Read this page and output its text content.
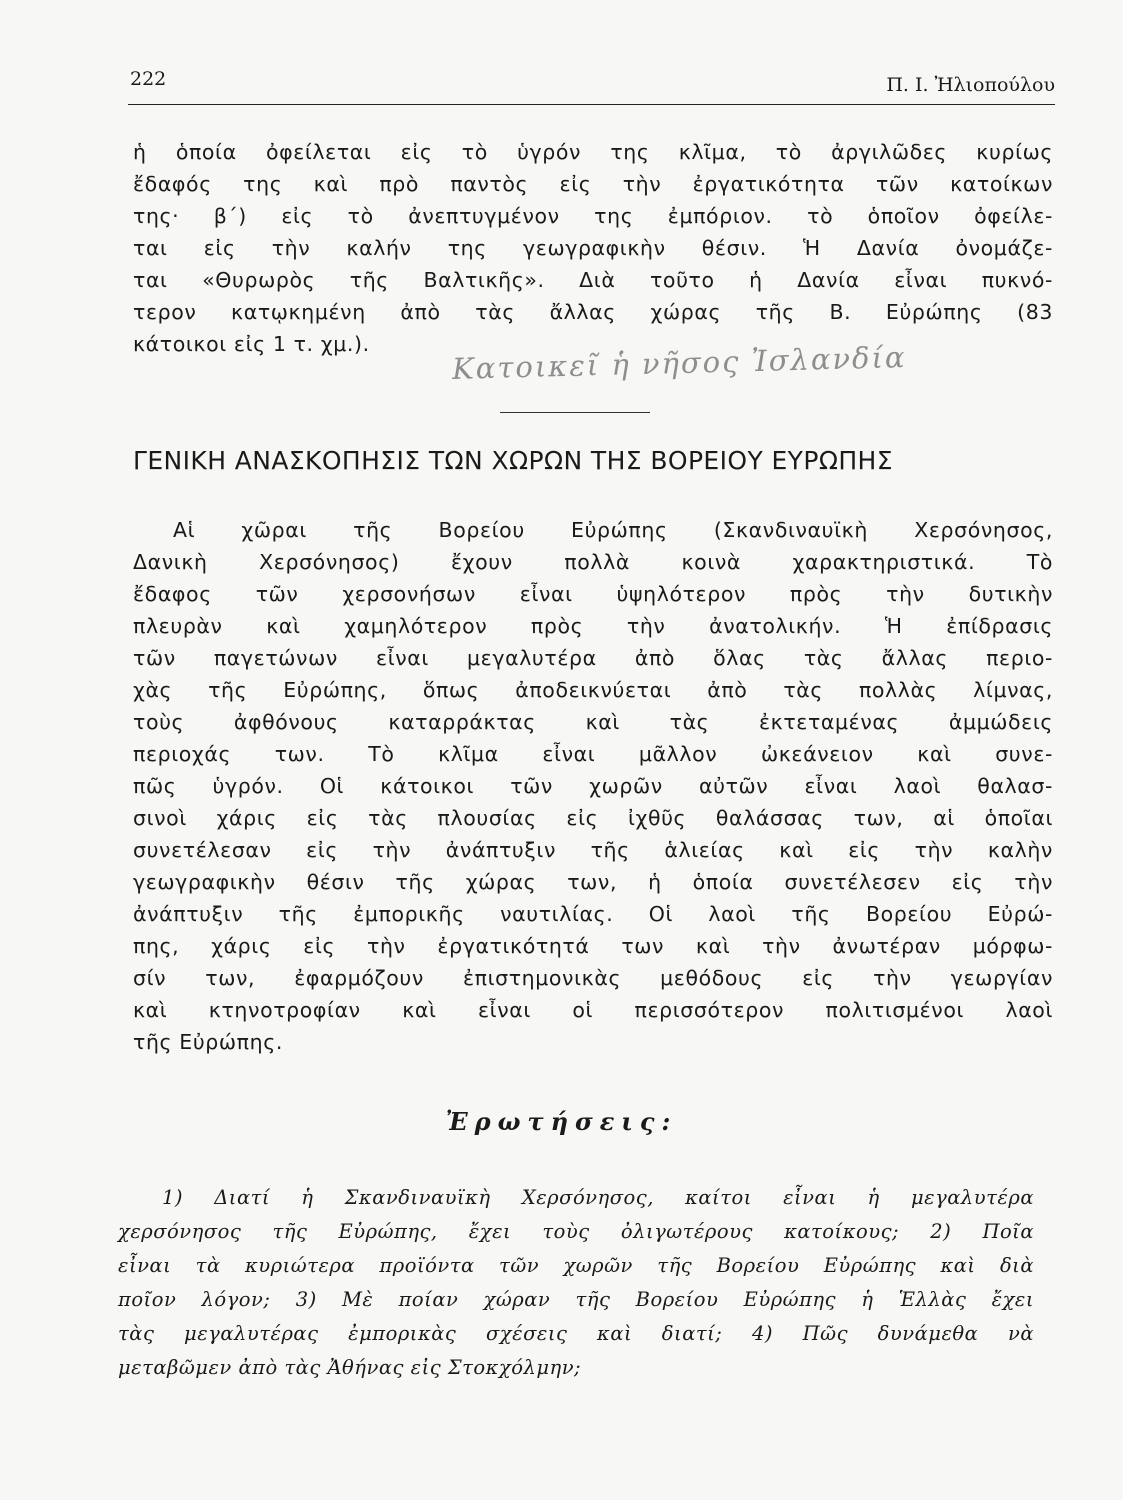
222	Π. Ι. Ἠλιοπούλου
ἡ ὁποία ὀφείλεται εἰς τὸ ὑγρόν της κλῖμα, τὸ ἀργιλῶδες κυρίως
ἔδαφός της καὶ πρὸ παντὸς εἰς τὴν ἐργατικότητα τῶν κατοίκων
της· β΄) εἰς τὸ ἀνεπτυγμένον της ἐμπόριον. τὸ ὁποῖον ὀφείλε-
ται εἰς τὴν καλήν της γεωγραφικὴν θέσιν. Ἡ Δανία ὀνομάζε-
ται «Θυρωρὸς τῆς Βαλτικῆς». Διὰ τοῦτο ἡ Δανία εἶναι πυκνό-
τερον κατῳκημένη ἀπὸ τὰς ἄλλας χώρας τῆς Β. Εὐρώπης (83
κάτοικοι εἰς 1 τ. χμ.).	Κατοικεῖ ἡ νῆσος Ἰσλανδία
ΓΕΝΙΚΗ ΑΝΑΣΚΟΠΗΣΙΣ ΤΩΝ ΧΩΡΩΝ ΤΗΣ ΒΟΡΕΙΟΥ ΕΥΡΩΠΗΣ
Αἱ χῶραι τῆς Βορείου Εὐρώπης (Σκανδιναυϊκὴ Χερσόνησος,
Δανικὴ Χερσόνησος) ἔχουν πολλὰ κοινὰ χαρακτηριστικά. Τὸ
ἔδαφος τῶν χερσονήσων εἶναι ὑψηλότερον πρὸς τὴν δυτικὴν
πλευρὰν καὶ χαμηλότερον πρὸς τὴν ἀνατολικήν. Ἡ ἐπίδρασις
τῶν παγετώνων εἶναι μεγαλυτέρα ἀπὸ ὅλας τὰς ἄλλας περιο-
χὰς τῆς Εὐρώπης, ὅπως ἀποδεικνύεται ἀπὸ τὰς πολλὰς λίμνας,
τοὺς ἀφθόνους καταρράκτας καὶ τὰς ἐκτεταμένας ἀμμώδεις
περιοχάς των. Τὸ κλῖμα εἶναι μᾶλλον ὠκεάνειον καὶ συνε-
πῶς ὑγρόν. Οἱ κάτοικοι τῶν χωρῶν αὐτῶν εἶναι λαοὶ θαλασ-
σινοὶ χάρις εἰς τὰς πλουσίας εἰς ἰχθῦς θαλάσσας των, αἱ ὁποῖαι
συνετέλεσαν εἰς τὴν ἀνάπτυξιν τῆς ἁλιείας καὶ εἰς τὴν καλὴν
γεωγραφικὴν θέσιν τῆς χώρας των, ἡ ὁποία συνετέλεσεν εἰς τὴν
ἀνάπτυξιν τῆς ἐμπορικῆς ναυτιλίας. Οἱ λαοὶ τῆς Βορείου Εὐρώ-
πης, χάρις εἰς τὴν ἐργατικότητά των καὶ τὴν ἀνωτέραν μόρφω-
σίν των, ἐφαρμόζουν ἐπιστημονικὰς μεθόδους εἰς τὴν γεωργίαν
καὶ κτηνοτροφίαν καὶ εἶναι οἱ περισσότερον πολιτισμένοι λαοὶ
τῆς Εὐρώπης.
Ἐρωτήσεις:
1) Διατί ἡ Σκανδιναυϊκὴ Χερσόνησος, καίτοι εἶναι ἡ μεγαλυτέρα
χερσόνησος τῆς Εὐρώπης, ἔχει τοὺς ὀλιγωτέρους κατοίκους; 2) Ποῖα
εἶναι τὰ κυριώτερα προϊόντα τῶν χωρῶν τῆς Βορείου Εὐρώπης καὶ διὰ
ποῖον λόγον; 3) Μὲ ποίαν χώραν τῆς Βορείου Εὐρώπης ἡ Ἑλλὰς ἔχει
τὰς μεγαλυτέρας ἐμπορικὰς σχέσεις καὶ διατί; 4) Πῶς δυνάμεθα νὰ
μεταβῶμεν ἀπὸ τὰς Ἀθήνας εἰς Στοκχόλμην;
